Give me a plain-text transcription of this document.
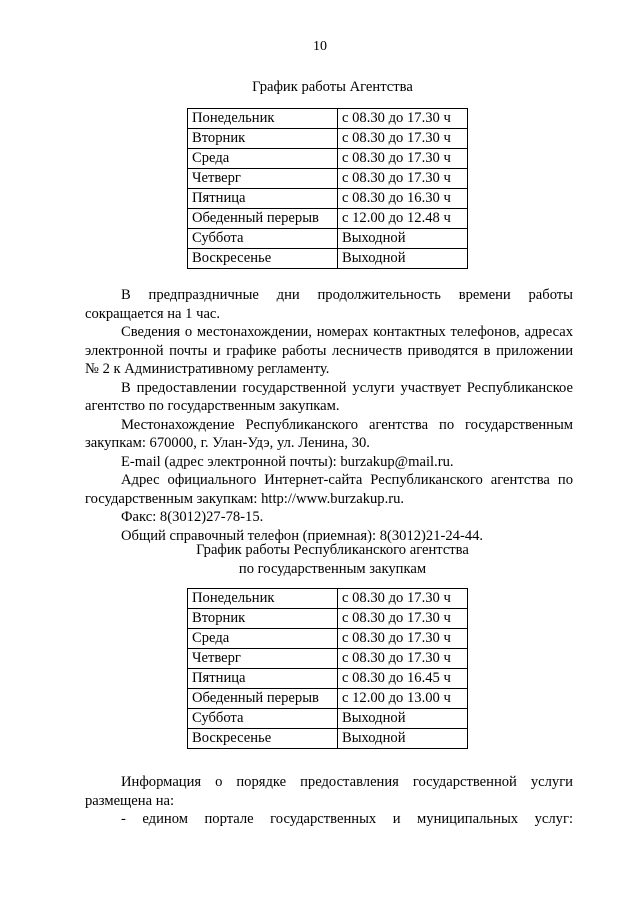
10
График работы Агентства
Понедельник	с 08.30 до 17.30 ч
Вторник	с 08.30 до 17.30 ч
Среда	с 08.30 до 17.30 ч
Четверг	с 08.30 до 17.30 ч
Пятница	с 08.30 до 16.30 ч
Обеденный перерыв	с 12.00 до 12.48 ч
Суббота	Выходной
Воскресенье	Выходной

В предпраздничные дни продолжительность времени работы сокращается на 1 час.

Сведения о местонахождении, номерах контактных телефонов, адресах электронной почты и графике работы лесничеств приводятся в приложении № 2 к Административному регламенту.

В предоставлении государственной услуги участвует Республиканское агентство по государственным закупкам.

Местонахождение Республиканского агентства по государственным закупкам: 670000, г. Улан-Удэ, ул. Ленина, 30.

E-mail (адрес электронной почты): burzakup@mail.ru.

Адрес официального Интернет-сайта Республиканского агентства по государственным закупкам: http://www.burzakup.ru.

Факс: 8(3012)27-78-15.

Общий справочный телефон (приемная): 8(3012)21-24-44.

График работы Республиканского агентства
по государственным закупкам
Понедельник	с 08.30 до 17.30 ч
Вторник	с 08.30 до 17.30 ч
Среда	с 08.30 до 17.30 ч
Четверг	с 08.30 до 17.30 ч
Пятница	с 08.30 до 16.45 ч
Обеденный перерыв	с 12.00 до 13.00 ч
Суббота	Выходной
Воскресенье	Выходной

Информация о порядке предоставления государственной услуги размещена на:

- едином портале государственных и муниципальных услуг:
